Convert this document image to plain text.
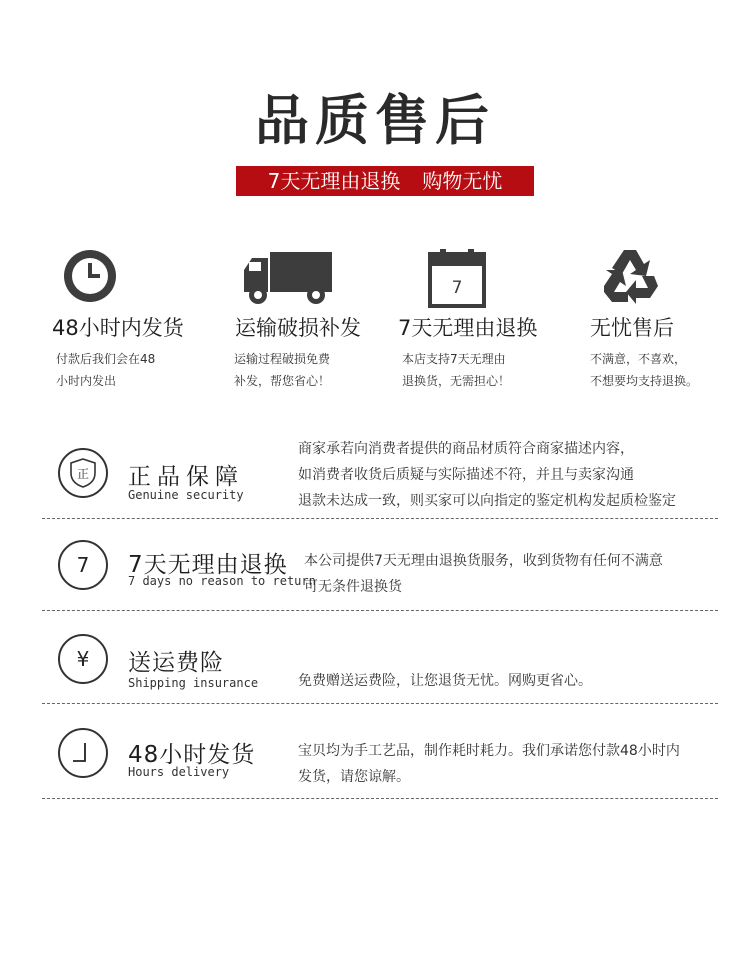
品质售后
7天无理由退换 购物无忧
48小时内发货
付款后我们会在48
小时内发出
运输破损补发
运输过程破损免费
补发，帮您省心！
7
7天无理由退换
本店支持7天无理由
退换货，无需担心！
无忧售后
不满意，不喜欢，
不想要均支持退换。
正 正品保障
Genuine security
商家承若向消费者提供的商品材质符合商家描述内容，
如消费者收货后质疑与实际描述不符，并且与卖家沟通
退款未达成一致，则买家可以向指定的鉴定机构发起质检鉴定
7 7天无理由退换
7 days no reason to return
本公司提供7天无理由退换货服务，收到货物有任何不满意
可无条件退换货
¥ 送运费险
Shipping insurance	免费赠送运费险，让您退货无忧。网购更省心。
48小时发货
Hours delivery
宝贝均为手工艺品，制作耗时耗力。我们承诺您付款48小时内
发货，请您谅解。
